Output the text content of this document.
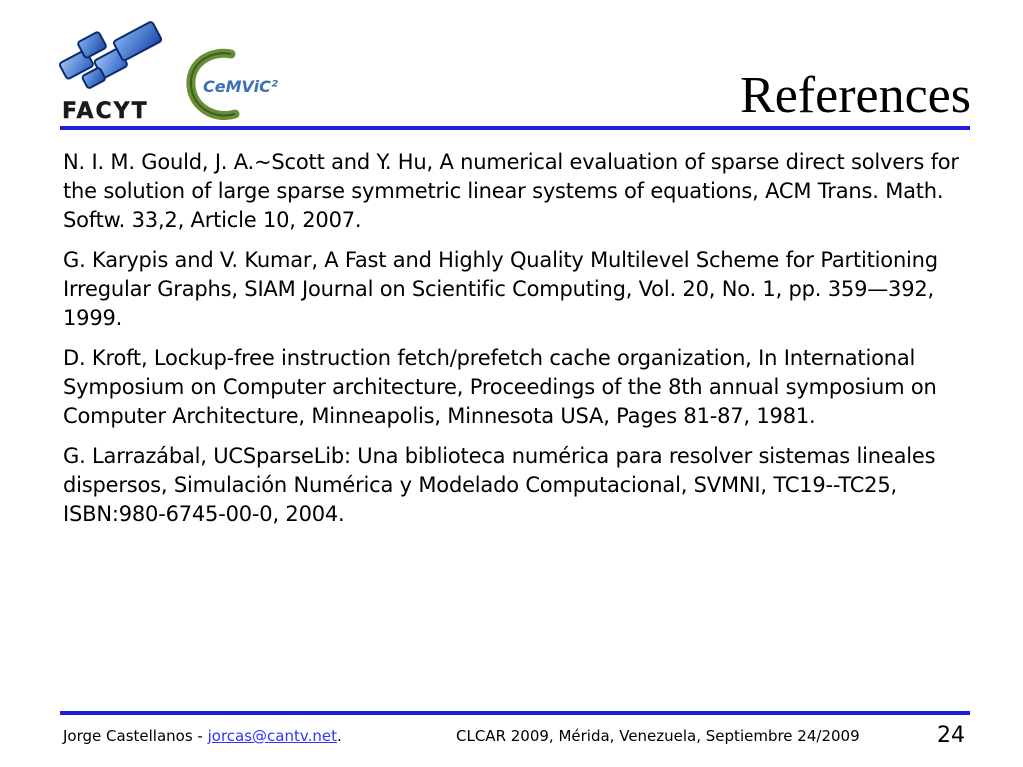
FACYT
CeMViC²	References
N. I. M. Gould, J. A.~Scott and Y. Hu, A numerical evaluation of sparse direct solvers for the solution of large sparse symmetric linear systems of equations, ACM Trans. Math. Softw. 33,2, Article 10, 2007.
G. Karypis and V. Kumar, A Fast and Highly Quality Multilevel Scheme for Partitioning Irregular Graphs, SIAM Journal on Scientific Computing, Vol. 20, No. 1, pp. 359—392, 1999.
D. Kroft, Lockup-free instruction fetch/prefetch cache organization, In International Symposium on Computer architecture, Proceedings of the 8th annual symposium on Computer Architecture, Minneapolis, Minnesota USA, Pages 81-87, 1981.
G. Larrazábal, UCSparseLib: Una biblioteca numérica para resolver sistemas lineales dispersos, Simulación Numérica y Modelado Computacional, SVMNI, TC19--TC25, ISBN:980-6745-00-0, 2004.
Jorge Castellanos - jorcas@cantv.net.	CLCAR 2009, Mérida, Venezuela, Septiembre 24/2009	24
